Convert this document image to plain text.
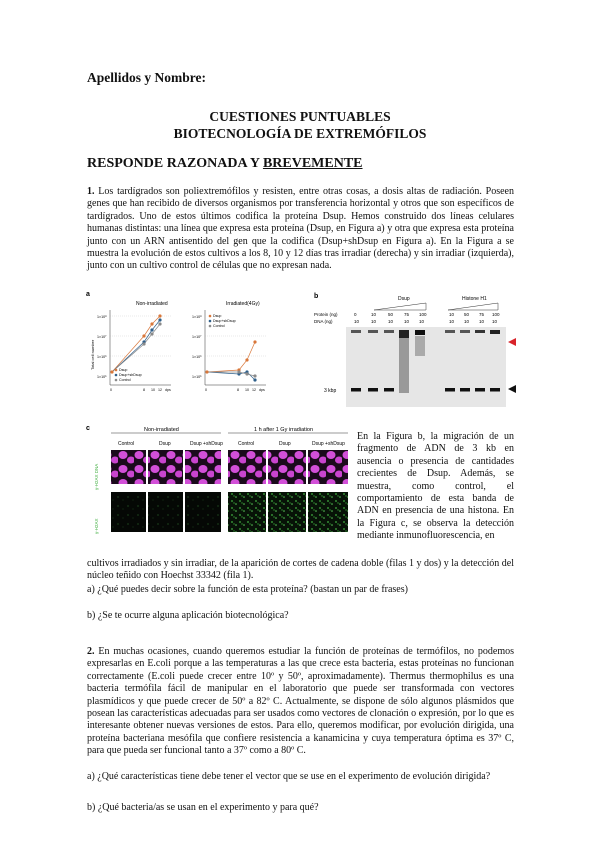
Apellidos y Nombre:
CUESTIONES PUNTUABLES
BIOTECNOLOGÍA DE EXTREMÓFILOS
RESPONDE RAZONADA Y BREVEMENTE
1. Los tardígrados son poliextremófilos y resisten, entre otras cosas, a dosis altas de radiación. Poseen genes que han recibido de diversos organismos por transferencia horizontal y otros que son específicos de tardígrados. Uno de estos últimos codifica la proteína Dsup. Hemos construido dos líneas celulares humanas distintas: una línea que expresa esta proteína (Dsup, en Figura a) y otra que expresa esta proteína junto con un ARN antisentido del gen que la codifica (Dsup+shDsup en Figura a). En la Figura a se muestra la evolución de estos cultivos a los 8, 10 y 12 días tras irradiar (derecha) y sin irradiar (izquierda), junto con un cultivo control de células que no expresan nada.
a
Non-irradiated
Total cell number
1×10⁸
1×10⁷
1×10⁶
1×10⁵
0	8 10 12 dps
Dsup
Dsup+shDsup
Control
Irradiated(4Gy)
1×10⁸
1×10⁷
1×10⁶
1×10⁵
0	8 10 12 dps
Dsup
Dsup+shDsup
Control
b	Dsup	Histone H1
Protein (ng)
DNA (ng)
0	10	50 75 100	10 50 75 100
10	10	10 10 10	10 10 10 10
3 kbp
c	Non-irradiated	1 h after 1 Gy irradiation
Control	Dsup	Dsup +shDsup	Control	Dsup	Dsup +shDsup
γ-H2AX DNA
γ-H2AX
En la Figura b, la migración de un fragmento de ADN de 3 kb en ausencia o presencia de cantidades crecientes de Dsup. Además, se muestra, como control, el comportamiento de esta banda de ADN en presencia de una histona. En la Figura c, se observa la detección mediante inmunofluorescencia, en
cultivos irradiados y sin irradiar, de la aparición de cortes de cadena doble (filas 1 y dos) y la detección del núcleo teñido con Hoechst 33342 (fila 1).
a) ¿Qué puedes decir sobre la función de esta proteína? (bastan un par de frases)
b) ¿Se te ocurre alguna aplicación biotecnológica?
2. En muchas ocasiones, cuando queremos estudiar la función de proteínas de termófilos, no podemos expresarlas en E.coli porque a las temperaturas a las que crece esta bacteria, estas proteínas no funcionan correctamente (E.coli puede crecer entre 10º y 50º, aproximadamente). Thermus thermophilus es una bacteria termófila fácil de manipular en el laboratorio que puede ser transformada con vectores plasmídicos y que puede crecer de 50º a 82º C. Actualmente, se dispone de sólo algunos plásmidos que posean las características adecuadas para ser usados como vectores de clonación o expresión, por lo que es interesante obtener nuevas versiones de estos. Para ello, queremos modificar, por evolución dirigida, una proteína bacteriana mesófila que confiere resistencia a kanamicina y cuya temperatura óptima es 37º C, para que pueda ser funcional tanto a 37º como a 80º C.
a) ¿Qué características tiene debe tener el vector que se use en el experimento de evolución dirigida?
b) ¿Qué bacteria/as se usan en el experimento y para qué?
